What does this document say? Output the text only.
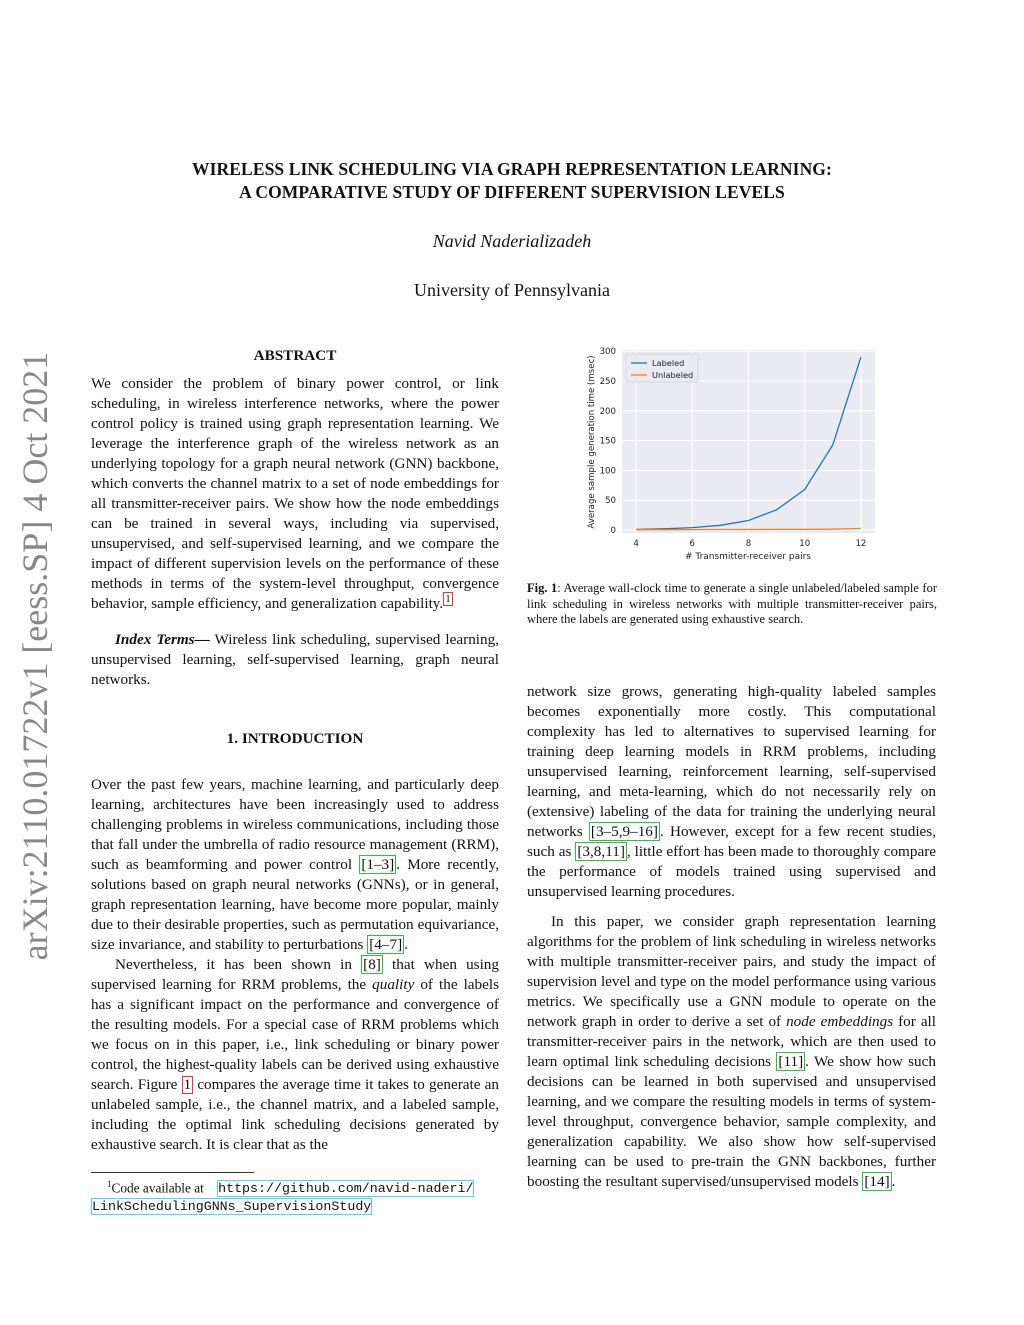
WIRELESS LINK SCHEDULING VIA GRAPH REPRESENTATION LEARNING:
A COMPARATIVE STUDY OF DIFFERENT SUPERVISION LEVELS
Navid Naderializadeh
University of Pennsylvania
arXiv:2110.01722v1 [eess.SP] 4 Oct 2021	ABSTRACT

We consider the problem of binary power control, or link scheduling, in wireless interference networks, where the power control policy is trained using graph representation learning. We leverage the interference graph of the wireless network as an underlying topology for a graph neural network (GNN) backbone, which converts the channel matrix to a set of node embeddings for all transmitter-receiver pairs. We show how the node embeddings can be trained in several ways, including via supervised, unsupervised, and self-supervised learning, and we compare the impact of different supervision levels on the performance of these methods in terms of the system-level throughput, convergence behavior, sample efficiency, and generalization capability. $^1$

Index Terms— Wireless link scheduling, supervised learning, unsupervised learning, self-supervised learning, graph neural networks.

1. INTRODUCTION

Over the past few years, machine learning, and particularly deep learning, architectures have been increasingly used to address challenging problems in wireless communications, including those that fall under the umbrella of radio resource management (RRM), such as beamforming and power control [1–3] . More recently, solutions based on graph neural networks (GNNs), or in general, graph representation learning, have become more popular, mainly due to their desirable properties, such as permutation equivariance, size invariance, and stability to perturbations [4–7] .

Nevertheless, it has been shown in [8] that when using supervised learning for RRM problems, the quality of the labels has a significant impact on the performance and convergence of the resulting models. For a special case of RRM problems which we focus on in this paper, i.e., link scheduling or binary power control, the highest-quality labels can be derived using exhaustive search. Figure 1 compares the average time it takes to generate an unlabeled sample, i.e., the channel matrix, and a labeled sample, including the optimal link scheduling decisions generated by exhaustive search. It is clear that as the

$^1$Code available at https://github.com/navid-naderi/
LinkSchedulingGNNs_SupervisionStudy
4	6	8	10	12
0
50
100
150
200
250
300
Labeled
Unlabeled
# Transmitter-receiver pairs
Average sample generation time (msec)
Fig. 1: Average wall-clock time to generate a single unlabeled/labeled sample for link scheduling in wireless networks with multiple transmitter-receiver pairs, where the labels are generated using exhaustive search.

network size grows, generating high-quality labeled samples becomes exponentially more costly. This computational complexity has led to alternatives to supervised learning for training deep learning models in RRM problems, including unsupervised learning, reinforcement learning, self-supervised learning, and meta-learning, which do not necessarily rely on (extensive) labeling of the data for training the underlying neural networks [3–5,9–16] . However, except for a few recent studies, such as [3,8,11] , little effort has been made to thoroughly compare the performance of models trained using supervised and unsupervised learning procedures.

In this paper, we consider graph representation learning algorithms for the problem of link scheduling in wireless networks with multiple transmitter-receiver pairs, and study the impact of supervision level and type on the model performance using various metrics. We specifically use a GNN module to operate on the network graph in order to derive a set of node embeddings for all transmitter-receiver pairs in the network, which are then used to learn optimal link scheduling decisions [11] . We show how such decisions can be learned in both supervised and unsupervised learning, and we compare the resulting models in terms of system-level throughput, convergence behavior, sample complexity, and generalization capability. We also show how self-supervised learning can be used to pre-train the GNN backbones, further boosting the resultant supervised/unsupervised models [14] .
